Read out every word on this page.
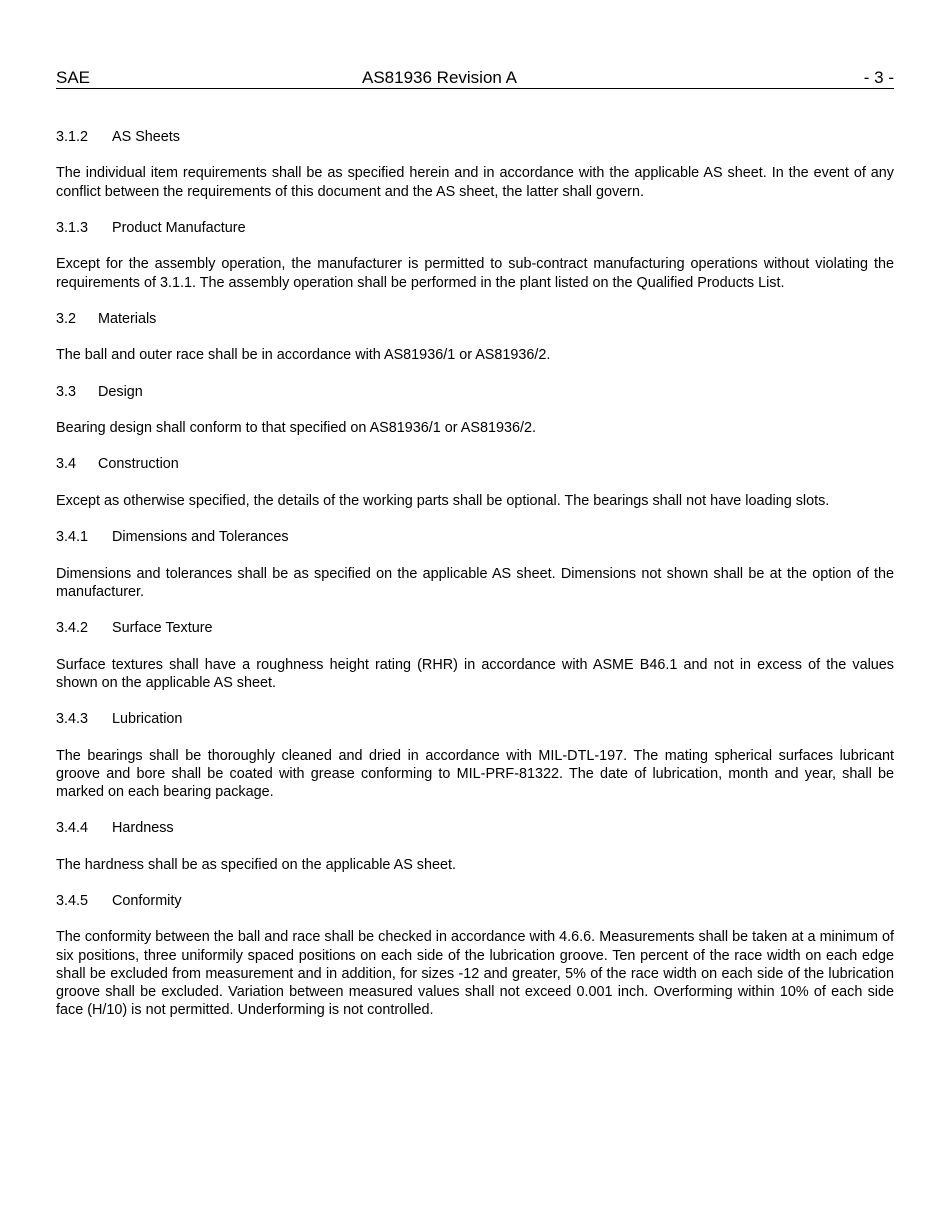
SAE	AS81936 Revision A	- 3 -

3.1.2 AS Sheets

The individual item requirements shall be as specified herein and in accordance with the applicable AS sheet. In the event of any conflict between the requirements of this document and the AS sheet, the latter shall govern.

3.1.3 Product Manufacture

Except for the assembly operation, the manufacturer is permitted to sub-contract manufacturing operations without violating the requirements of 3.1.1. The assembly operation shall be performed in the plant listed on the Qualified Products List.

3.2 Materials

The ball and outer race shall be in accordance with AS81936/1 or AS81936/2.

3.3 Design

Bearing design shall conform to that specified on AS81936/1 or AS81936/2.

3.4 Construction

Except as otherwise specified, the details of the working parts shall be optional. The bearings shall not have loading slots.

3.4.1 Dimensions and Tolerances

Dimensions and tolerances shall be as specified on the applicable AS sheet. Dimensions not shown shall be at the option of the manufacturer.

3.4.2 Surface Texture

Surface textures shall have a roughness height rating (RHR) in accordance with ASME B46.1 and not in excess of the values shown on the applicable AS sheet.

3.4.3 Lubrication

The bearings shall be thoroughly cleaned and dried in accordance with MIL-DTL-197. The mating spherical surfaces lubricant groove and bore shall be coated with grease conforming to MIL-PRF-81322. The date of lubrication, month and year, shall be marked on each bearing package.

3.4.4 Hardness

The hardness shall be as specified on the applicable AS sheet.

3.4.5 Conformity

The conformity between the ball and race shall be checked in accordance with 4.6.6. Measurements shall be taken at a minimum of six positions, three uniformily spaced positions on each side of the lubrication groove. Ten percent of the race width on each edge shall be excluded from measurement and in addition, for sizes -12 and greater, 5% of the race width on each side of the lubrication groove shall be excluded. Variation between measured values shall not exceed 0.001 inch. Overforming within 10% of each side face (H/10) is not permitted. Underforming is not controlled.
